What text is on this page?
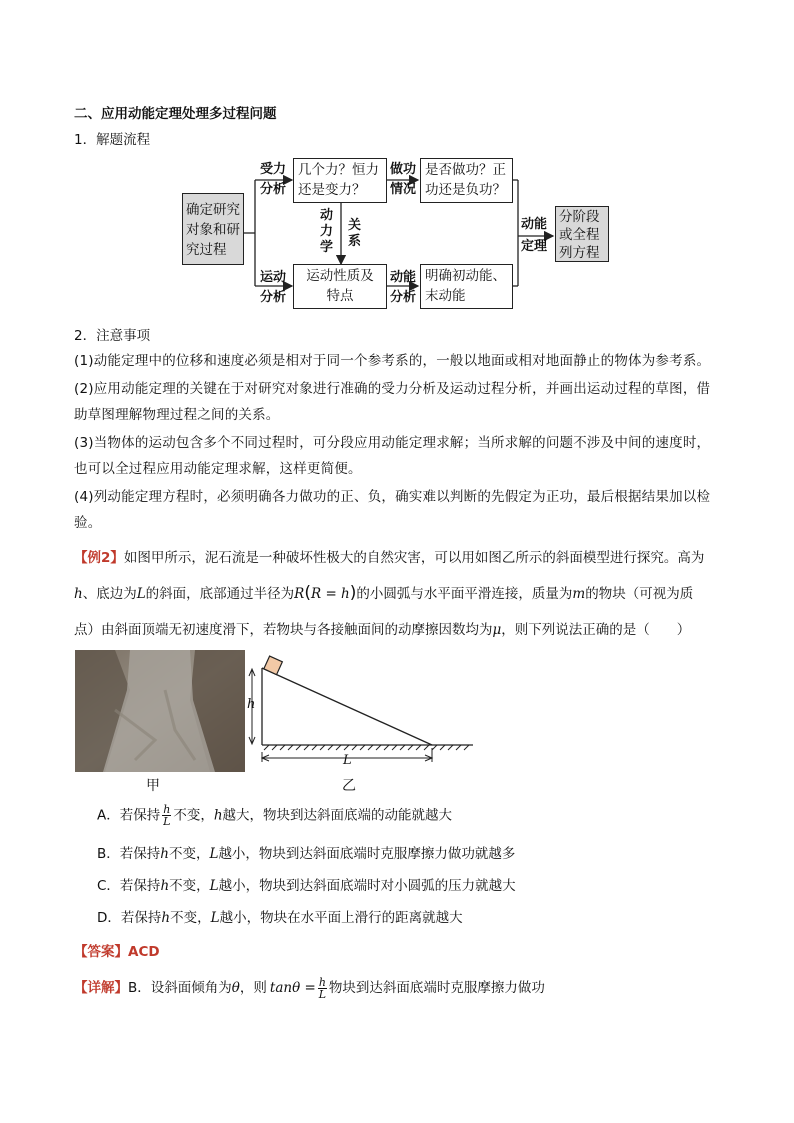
二、应用动能定理处理多过程问题
1．解题流程
确定研究对象和研究过程
受力
分析
几个力？恒力还是变力？
做功
情况
是否做功？正功还是负功？
动
力
学
关
系
运动
分析
运动性质及特点
动能
分析
明确初动能、末动能
动能
定理
分阶段或全程列方程
2．注意事项
(1)动能定理中的位移和速度必须是相对于同一个参考系的，一般以地面或相对地面静止的物体为参考系。
(2)应用动能定理的关键在于对研究对象进行准确的受力分析及运动过程分析，并画出运动过程的草图，借助草图理解物理过程之间的关系。
(3)当物体的运动包含多个不同过程时，可分段应用动能定理求解；当所求解的问题不涉及中间的速度时，也可以全过程应用动能定理求解，这样更简便。
(4)列动能定理方程时，必须明确各力做功的正、负，确实难以判断的先假定为正功，最后根据结果加以检验。
【例2】如图甲所示，泥石流是一种破坏性极大的自然灾害，可以用如图乙所示的斜面模型进行探究。高为
h、底边为L的斜面，底部通过半径为R(R = h)的小圆弧与水平面平滑连接，质量为m的物块（可视为质
点）由斜面顶端无初速度滑下，若物块与各接触面间的动摩擦因数均为μ，则下列说法正确的是（　　）
甲
h
L
乙
A．若保持 $\frac{h}{L}$ 不变，h越大，物块到达斜面底端的动能就越大
B．若保持h不变，L越小，物块到达斜面底端时克服摩擦力做功就越多
C．若保持h不变，L越小，物块到达斜面底端时对小圆弧的压力就越大
D．若保持h不变，L越小，物块在水平面上滑行的距离就越大
【答案】ACD
【详解】B．设斜面倾角为θ，则 $\tan\theta = \frac{h}{L}$ 物块到达斜面底端时克服摩擦力做功
